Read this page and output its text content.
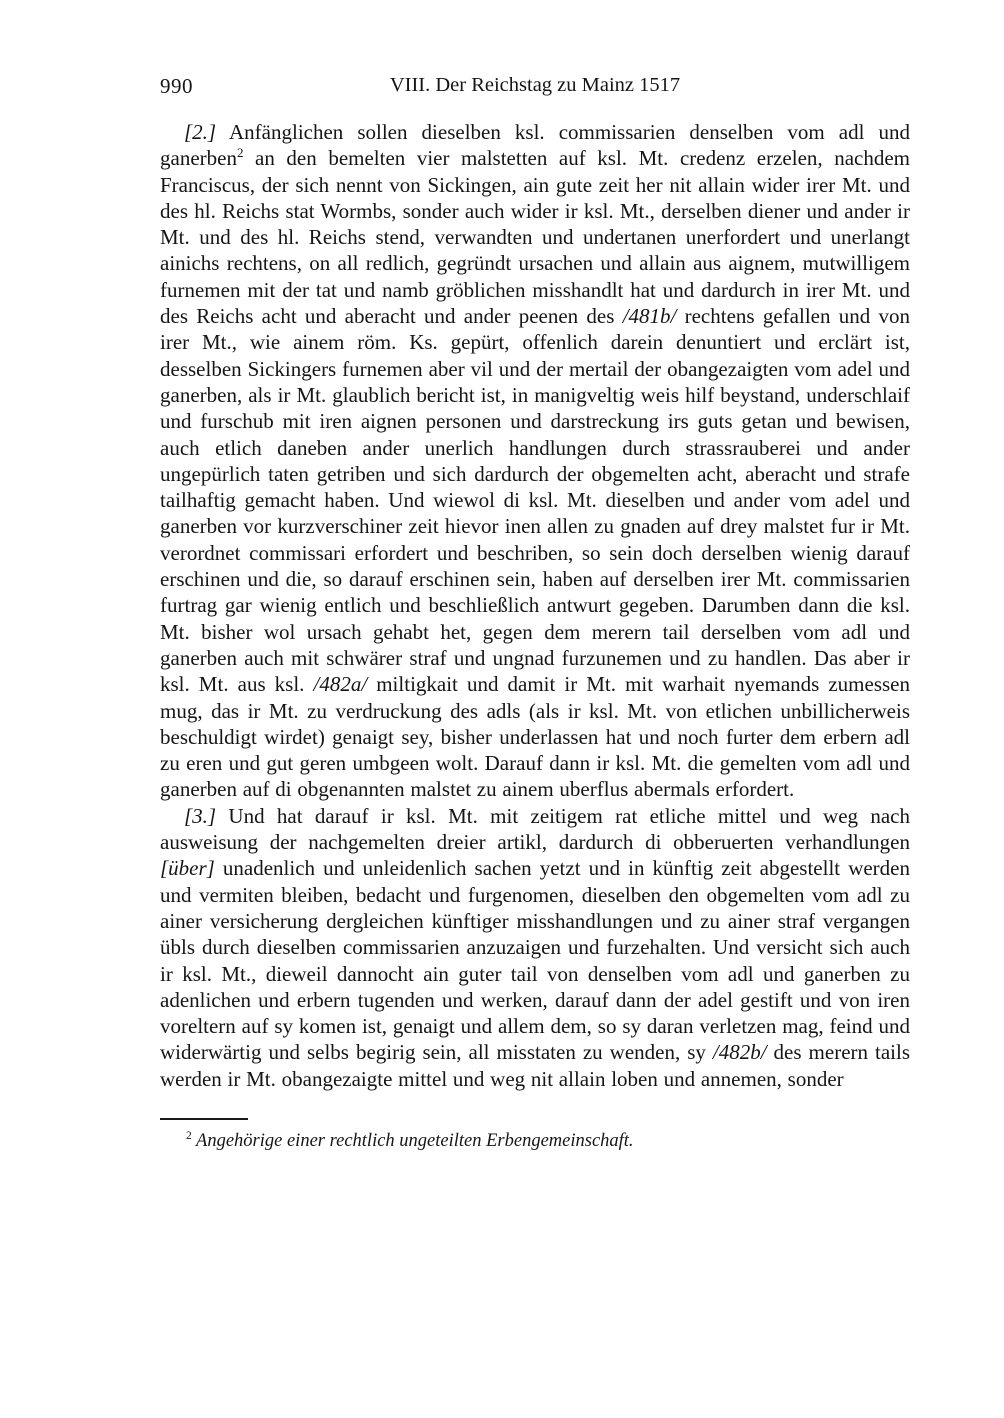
990	VIII. Der Reichstag zu Mainz 1517

[2.] Anfänglichen sollen dieselben ksl. commissarien denselben vom adl und ganerben$^2$ an den bemelten vier malstetten auf ksl. Mt. credenz erzelen, nachdem Franciscus, der sich nennt von Sickingen, ain gute zeit her nit allain wider irer Mt. und des hl. Reichs stat Wormbs, sonder auch wider ir ksl. Mt., derselben diener und ander ir Mt. und des hl. Reichs stend, verwandten und undertanen unerfordert und unerlangt ainichs rechtens, on all redlich, gegründt ursachen und allain aus aignem, mutwilligem furnemen mit der tat und namb gröblichen misshandlt hat und dardurch in irer Mt. und des Reichs acht und aberacht und ander peenen des /481b/ rechtens gefallen und von irer Mt., wie ainem röm. Ks. gepürt, offenlich darein denuntiert und erclärt ist, desselben Sickingers furnemen aber vil und der mertail der obangezaigten vom adel und ganerben, als ir Mt. glaublich bericht ist, in manigveltig weis hilf beystand, underschlaif und furschub mit iren aignen personen und darstreckung irs guts getan und bewisen, auch etlich daneben ander unerlich handlungen durch strassrauberei und ander ungepürlich taten getriben und sich dardurch der obgemelten acht, aberacht und strafe tailhaftig gemacht haben. Und wiewol di ksl. Mt. dieselben und ander vom adel und ganerben vor kurzverschiner zeit hievor inen allen zu gnaden auf drey malstet fur ir Mt. verordnet commissari erfordert und beschriben, so sein doch derselben wienig darauf erschinen und die, so darauf erschinen sein, haben auf derselben irer Mt. commissarien furtrag gar wienig entlich und beschließlich antwurt gegeben. Darumben dann die ksl. Mt. bisher wol ursach gehabt het, gegen dem merern tail derselben vom adl und ganerben auch mit schwärer straf und ungnad furzunemen und zu handlen. Das aber ir ksl. Mt. aus ksl. /482a/ miltigkait und damit ir Mt. mit warhait nyemands zumessen mug, das ir Mt. zu verdruckung des adls (als ir ksl. Mt. von etlichen unbillicherweis beschuldigt wirdet) genaigt sey, bisher underlassen hat und noch furter dem erbern adl zu eren und gut geren umbgeen wolt. Darauf dann ir ksl. Mt. die gemelten vom adl und ganerben auf di obgenannten malstet zu ainem uberflus abermals erfordert.

[3.] Und hat darauf ir ksl. Mt. mit zeitigem rat etliche mittel und weg nach ausweisung der nachgemelten dreier artikl, dardurch di obberuerten verhandlungen [über] unadenlich und unleidenlich sachen yetzt und in künftig zeit abgestellt werden und vermiten bleiben, bedacht und furgenomen, dieselben den obgemelten vom adl zu ainer versicherung dergleichen künftiger misshandlungen und zu ainer straf vergangen übls durch dieselben commissarien anzuzaigen und furzehalten. Und versicht sich auch ir ksl. Mt., dieweil dannocht ain guter tail von denselben vom adl und ganerben zu adenlichen und erbern tugenden und werken, darauf dann der adel gestift und von iren voreltern auf sy komen ist, genaigt und allem dem, so sy daran verletzen mag, feind und widerwärtig und selbs begirig sein, all misstaten zu wenden, sy /482b/ des merern tails werden ir Mt. obangezaigte mittel und weg nit allain loben und annemen, sonder

$^2$ Angehörige einer rechtlich ungeteilten Erbengemeinschaft.
